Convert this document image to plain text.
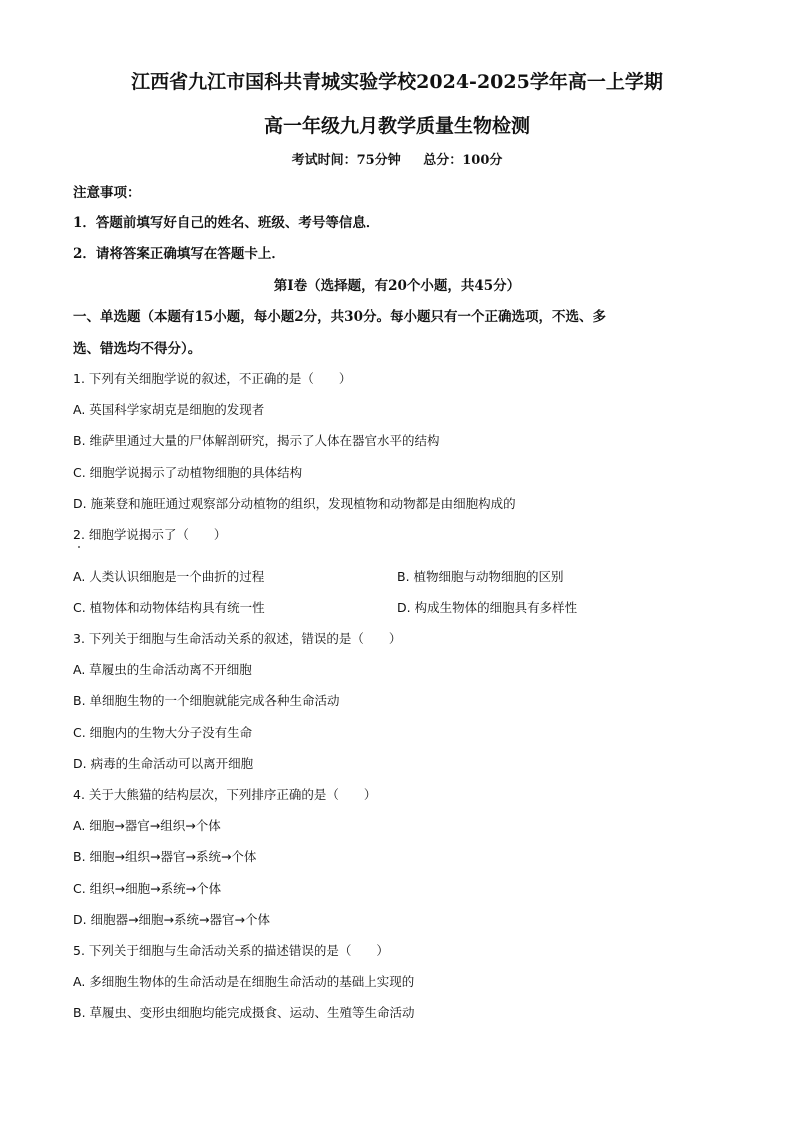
江西省九江市国科共青城实验学校2024-2025学年高一上学期
高一年级九月教学质量生物检测
考试时间：75分钟 总分：100分
注意事项：
1．答题前填写好自己的姓名、班级、考号等信息．
2．请将答案正确填写在答题卡上．
第I卷（选择题，有20个小题，共45分）
一、单选题（本题有15小题，每小题2分，共30分。每小题只有一个正确选项，不选、多
选、错选均不得分）。
1. 下列有关细胞学说的叙述，不正确的是（　　）
A. 英国科学家胡克是细胞的发现者
B. 维萨里通过大量的尸体解剖研究，揭示了人体在器官水平的结构
C. 细胞学说揭示了动植物细胞的具体结构
D. 施莱登和施旺通过观察部分动植物的组织，发现植物和动物都是由细胞构成的
2. 细胞学说揭示了（　　）
A. 人类认识细胞是一个曲折的过程	B. 植物细胞与动物细胞的区别
C. 植物体和动物体结构具有统一性	D. 构成生物体的细胞具有多样性
3. 下列关于细胞与生命活动关系的叙述，错误的是（　　）
A. 草履虫的生命活动离不开细胞
B. 单细胞生物的一个细胞就能完成各种生命活动
C. 细胞内的生物大分子没有生命
D. 病毒的生命活动可以离开细胞
4. 关于大熊猫的结构层次，下列排序正确的是（　　）
A. 细胞→器官→组织→个体
B. 细胞→组织→器官→系统→个体
C. 组织→细胞→系统→个体
D. 细胞器→细胞→系统→器官→个体
5. 下列关于细胞与生命活动关系的描述错误的是（　　）
A. 多细胞生物体的生命活动是在细胞生命活动的基础上实现的
B. 草履虫、变形虫细胞均能完成摄食、运动、生殖等生命活动
